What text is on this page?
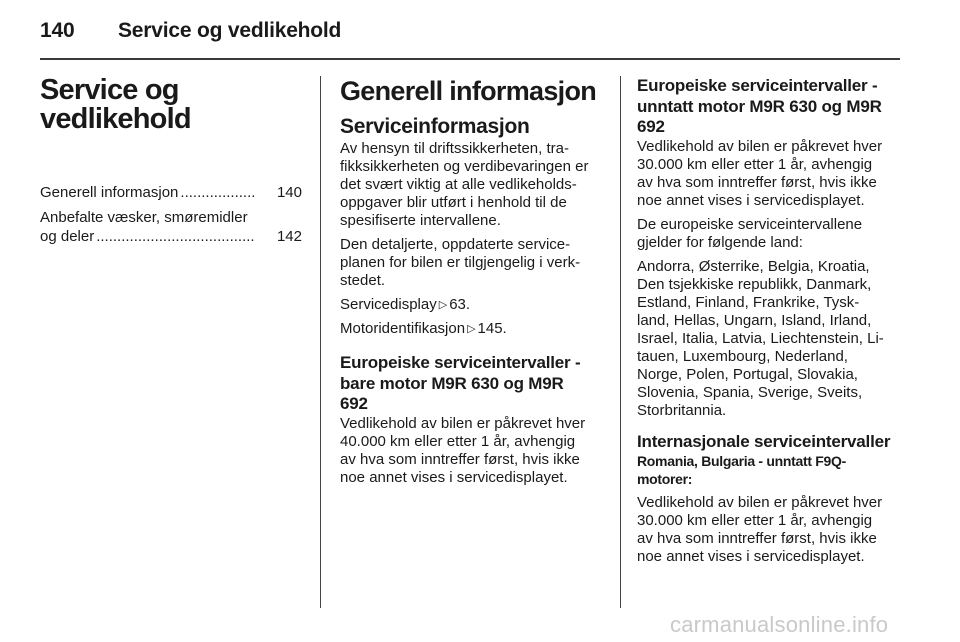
140	Service og vedlikehold
Service og
vedlikehold
Generell informasjon ..................	140
Anbefalte væsker, smøremidler
og deler ......................................	142
Generell informasjon
Serviceinformasjon
Av hensyn til driftssikkerheten, tra-
fikksikkerheten og verdibevaringen er
det svært viktig at alle vedlikeholds-
oppgaver blir utført i henhold til de
spesifiserte intervallene.
Den detaljerte, oppdaterte service-
planen for bilen er tilgjengelig i verk-
stedet.
Servicedisplay ▷ 63.
Motoridentifikasjon ▷ 145.
Europeiske serviceintervaller -
bare motor M9R 630 og M9R
692
Vedlikehold av bilen er påkrevet hver
40.000 km eller etter 1 år, avhengig
av hva som inntreffer først, hvis ikke
noe annet vises i servicedisplayet.
Europeiske serviceintervaller -
unntatt motor M9R 630 og M9R
692
Vedlikehold av bilen er påkrevet hver
30.000 km eller etter 1 år, avhengig
av hva som inntreffer først, hvis ikke
noe annet vises i servicedisplayet.
De europeiske serviceintervallene
gjelder for følgende land:
Andorra, Østerrike, Belgia, Kroatia,
Den tsjekkiske republikk, Danmark,
Estland, Finland, Frankrike, Tysk-
land, Hellas, Ungarn, Island, Irland,
Israel, Italia, Latvia, Liechtenstein, Li-
tauen, Luxembourg, Nederland,
Norge, Polen, Portugal, Slovakia,
Slovenia, Spania, Sverige, Sveits,
Storbritannia.
Internasjonale serviceintervaller
Romania, Bulgaria - unntatt F9Q-
motorer:
Vedlikehold av bilen er påkrevet hver
30.000 km eller etter 1 år, avhengig
av hva som inntreffer først, hvis ikke
noe annet vises i servicedisplayet.
carmanualsonline.info
